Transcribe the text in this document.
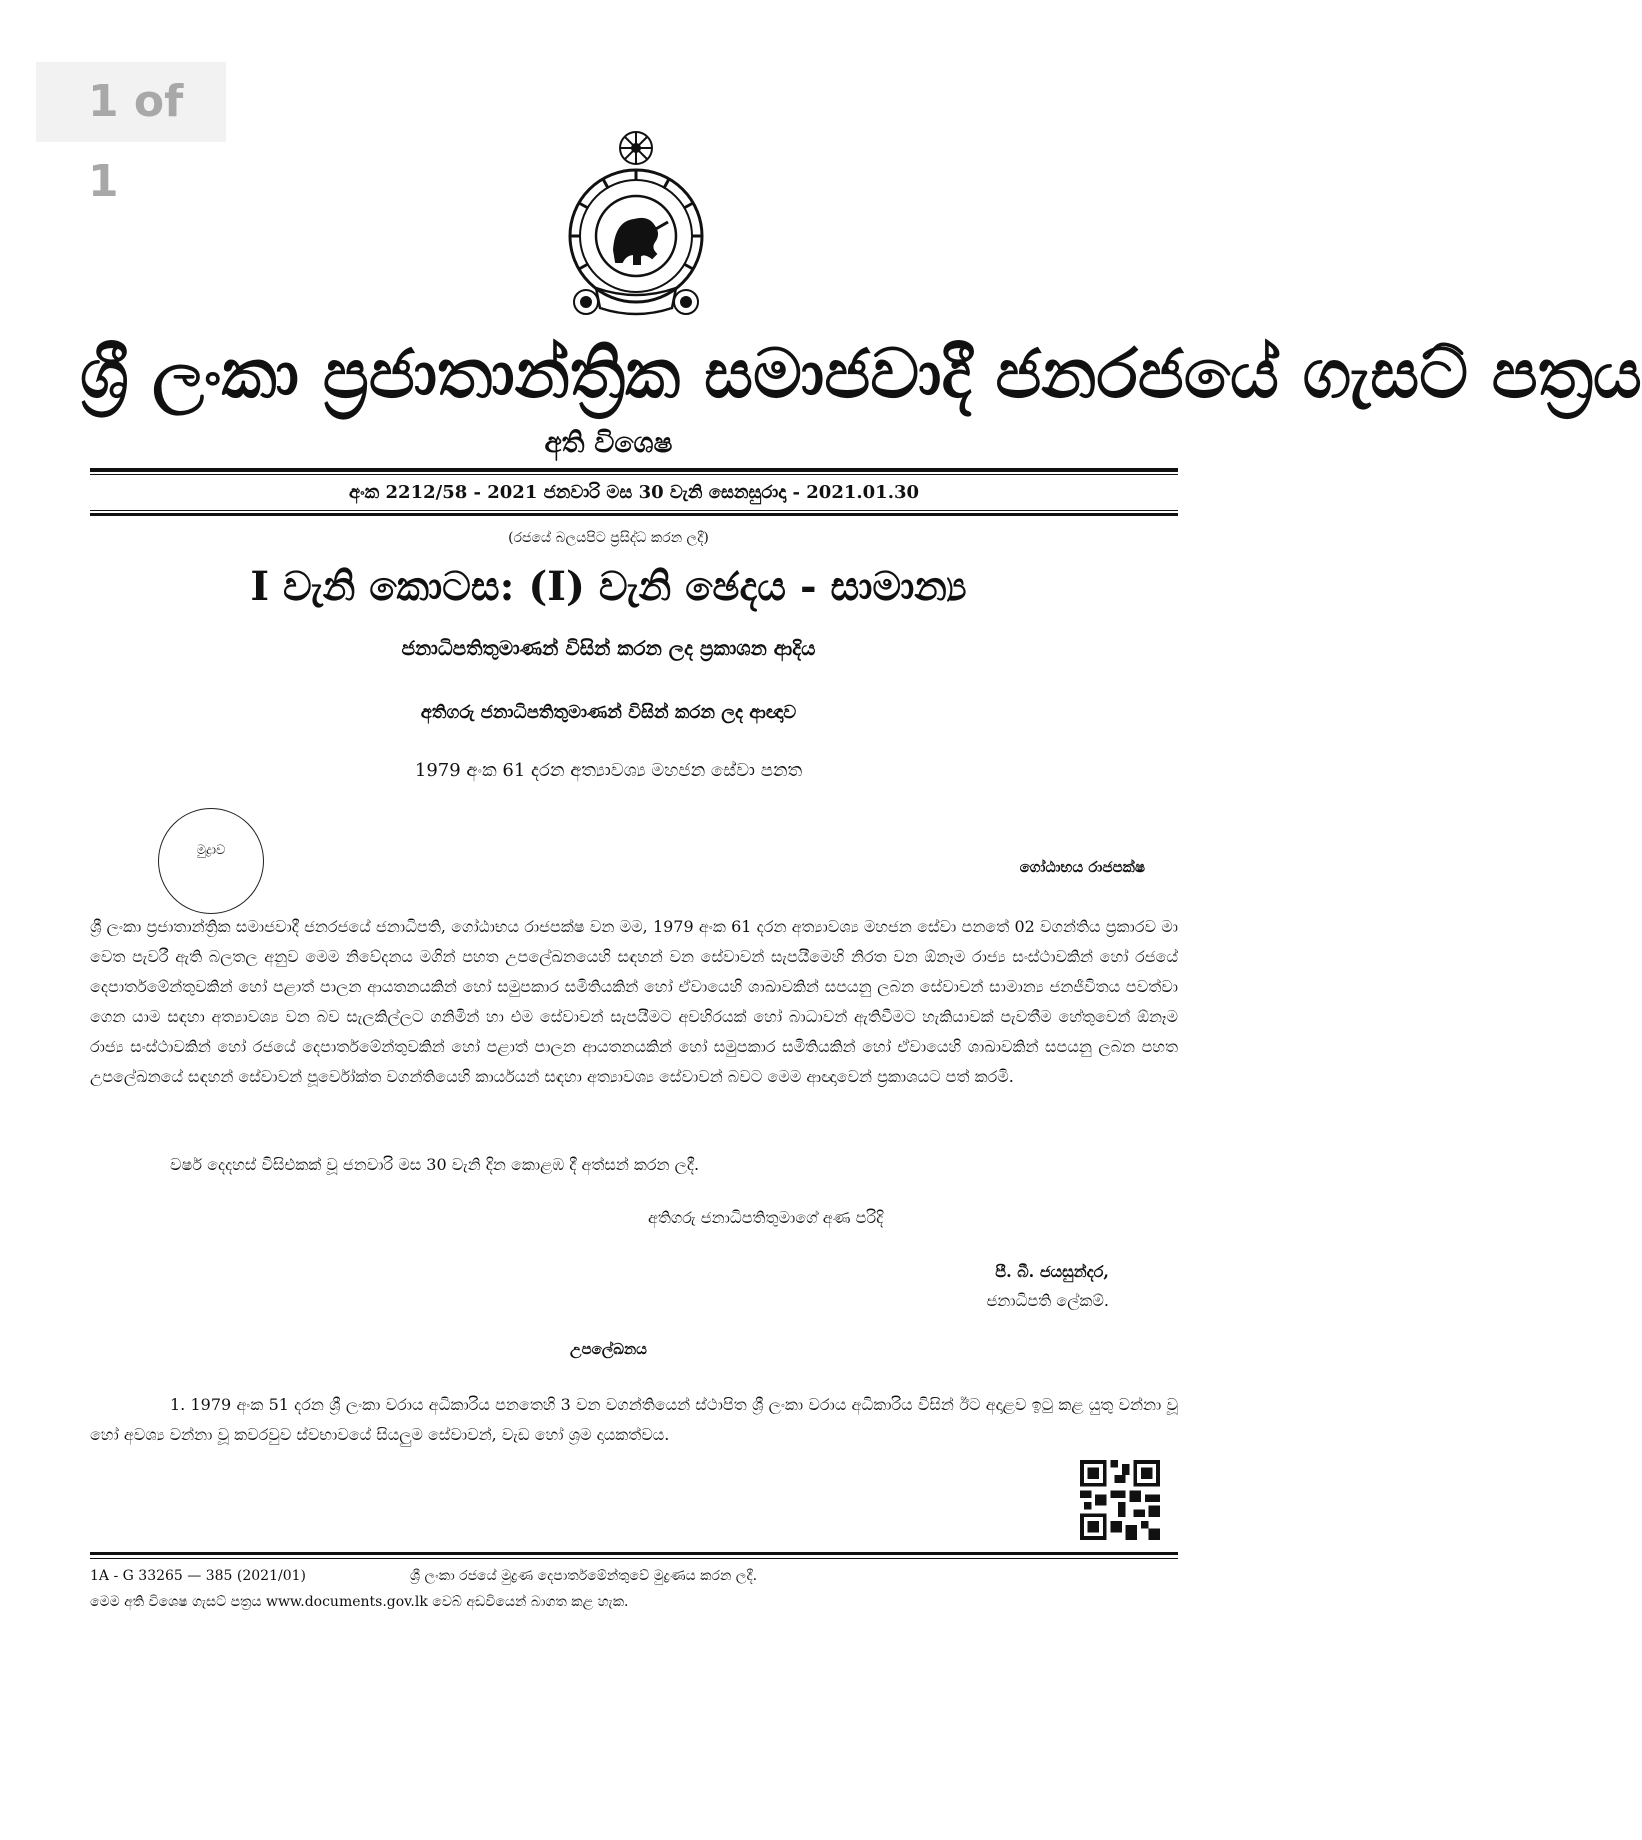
1 of 1
ශ්‍රී ලංකා ප්‍රජාතාන්ත්‍රික සමාජවාදී ජනරජයේ ගැසට් පත්‍රය
අති විශෙෂ
අංක 2212/58 - 2021 ජනවාරි මස 30 වැනි සෙනසුරාදා - 2021.01.30
(රජයේ බලයපිට ප්‍රසිද්ධ කරන ලදී)
I වැනි කොටස: (I) වැනි ඡෙදය - සාමාන්‍ය
ජනාධිපතිතුමාණන් විසින් කරන ලද ප්‍රකාශන ආදිය
අතිගරු ජනාධිපතිතුමාණන් විසින් කරන ලද ආඥාව
1979 අංක 61 දරන අත්‍යාවශ්‍ය මහජන සේවා පනත
මුද්‍රාව
ගෝඨාභය රාජපක්ෂ
ශ්‍රී ලංකා ප්‍රජාතාන්ත්‍රික සමාජවාදී ජනරජයේ ජනාධිපති, ගෝඨාභය රාජපක්ෂ වන මම, 1979 අංක 61 දරන අත්‍යාවශ්‍ය මහජන සේවා පනතේ 02 වගන්තිය ප්‍රකාරව මා වෙත පැවරී ඇති බලතල අනුව මෙම නිවේදනය මගින් පහත උපලේඛනයෙහි සඳහන් වන සේවාවන් සැපයීමෙහි නිරත වන ඕනෑම රාජ්‍ය සංස්ථාවකින් හෝ රජයේ දෙපාර්තමේන්තුවකින් හෝ පළාත් පාලන ආයතනයකින් හෝ සමුපකාර සමිතියකින් හෝ ඒවායෙහි ශාඛාවකින් සපයනු ලබන සේවාවන් සාමාන්‍ය ජනජීවිතය පවත්වා ගෙන යාම සඳහා අත්‍යාවශ්‍ය වන බව සැලකිල්ලට ගනිමින් හා එම සේවාවන් සැපයීමට අවහිරයක් හෝ බාධාවන් ඇතිවීමට හැකියාවක් පැවතීම හේතුවෙන් ඕනෑම රාජ්‍ය සංස්ථාවකින් හෝ රජයේ දෙපාර්තමේන්තුවකින් හෝ පළාත් පාලන ආයතනයකින් හෝ සමුපකාර සමිතියකින් හෝ ඒවායෙහි ශාඛාවකින් සපයනු ලබන පහත උපලේඛනයේ සඳහන් සේවාවන් පූර්වෝක්ත වගන්තියෙහි කාර්යයන් සඳහා අත්‍යාවශ්‍ය සේවාවන් බවට මෙම ආඥාවෙන් ප්‍රකාශයට පත් කරමි.
වර්ෂ දෙදහස් විසිඑකක් වූ ජනවාරි මස 30 වැනි දින කොළඹ දී අත්සන් කරන ලදී.
අතිගරු ජනාධිපතිතුමාගේ අණ පරිදි
පී. බී. ජයසුන්දර,
ජනාධිපති ලේකම්.
උපලේඛනය
1. 1979 අංක 51 දරන ශ්‍රී ලංකා වරාය අධිකාරිය පනතෙහි 3 වන වගන්තියෙන් ස්ථාපිත ශ්‍රී ලංකා වරාය අධිකාරිය විසින් ඊට අදාළව ඉටු කළ යුතු වන්නා වූ හෝ අවශ්‍ය වන්නා වූ කවරවුව ස්වභාවයේ සියලුම සේවාවන්, වැඩ හෝ ශ්‍රම දායකත්වය.
1A - G 33265 — 385 (2021/01)	ශ්‍රී ලංකා රජයේ මුද්‍රණ දෙපාර්තමේන්තුවේ මුද්‍රණය කරන ලදී.
මෙම අති විශෙෂ ගැසට් පත්‍රය www.documents.gov.lk වෙබ් අඩවියෙන් බාගත කළ හැක.
